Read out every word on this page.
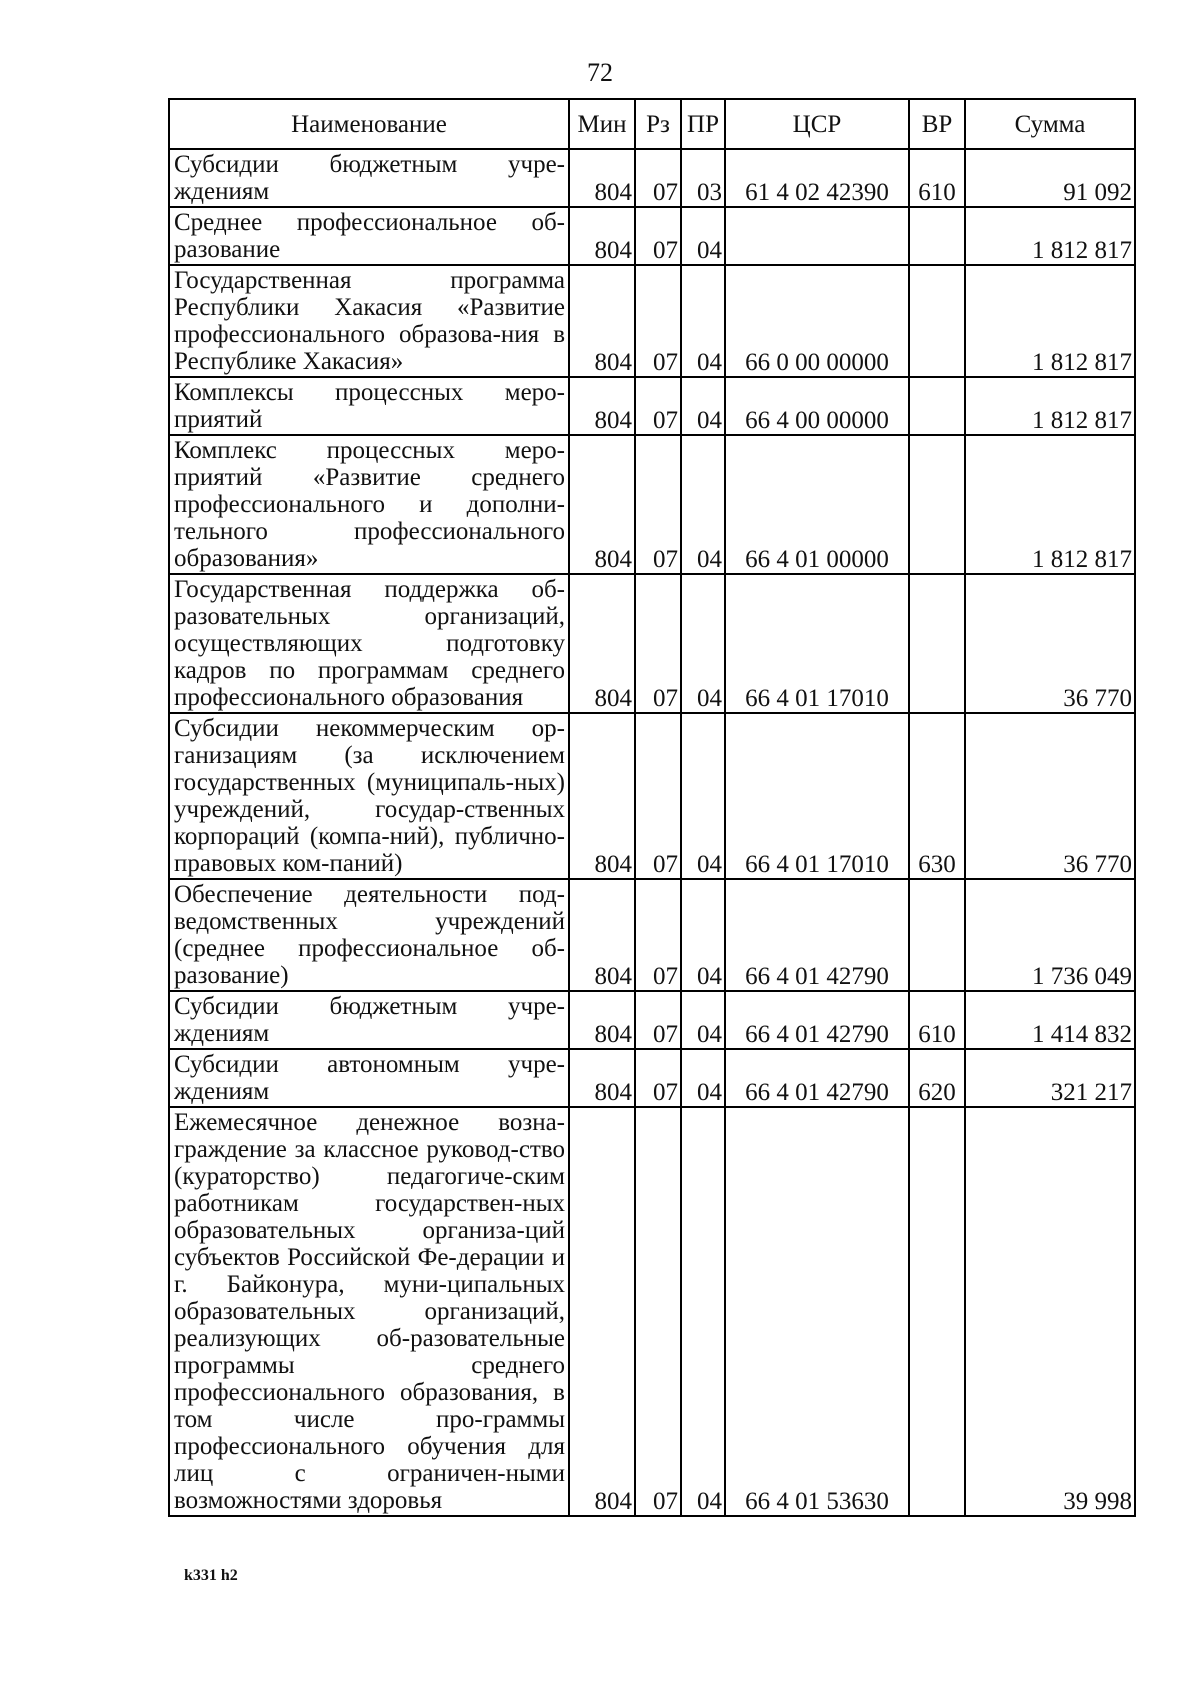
72
Наименование	Мин	Рз	ПР	ЦСР	ВР	Сумма
Субсидии бюджетным учре-ждениям	804	07	03	61 4 02 42390	610	91 092
Среднее профессиональное об-разование	804	07	04			1 812 817
Государственная программа Республики Хакасия «Развитие профессионального образова-ния в Республике Хакасия»	804	07	04	66 0 00 00000		1 812 817
Комплексы процессных меро-приятий	804	07	04	66 4 00 00000		1 812 817
Комплекс процессных меро-приятий «Развитие среднего профессионального и дополни-тельного профессионального образования»	804	07	04	66 4 01 00000		1 812 817
Государственная поддержка об-разовательных организаций, осуществляющих подготовку кадров по программам среднего профессионального образования	804	07	04	66 4 01 17010		36 770
Субсидии некоммерческим ор-ганизациям (за исключением государственных (муниципаль-ных) учреждений, государ-ственных корпораций (компа-ний), публично-правовых ком-паний)	804	07	04	66 4 01 17010	630	36 770
Обеспечение деятельности под-ведомственных учреждений (среднее профессиональное об-разование)	804	07	04	66 4 01 42790		1 736 049
Субсидии бюджетным учре-ждениям	804	07	04	66 4 01 42790	610	1 414 832
Субсидии автономным учре-ждениям	804	07	04	66 4 01 42790	620	321 217
Ежемесячное денежное возна-граждение за классное руковод-ство (кураторство) педагогиче-ским работникам государствен-ных образовательных организа-ций субъектов Российской Фе-дерации и г. Байконура, муни-ципальных образовательных организаций, реализующих об-разовательные программы среднего профессионального образования, в том числе про-граммы профессионального обучения для лиц с ограничен-ными возможностями здоровья	804	07	04	66 4 01 53630		39 998
k331 h2
